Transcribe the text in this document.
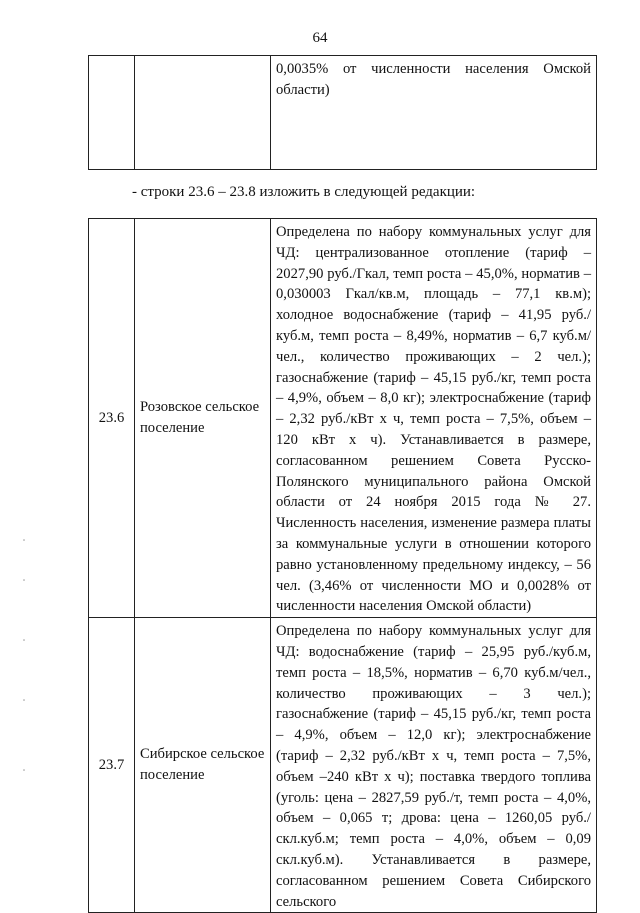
64
		0,0035% от численности населения Омской области)
- строки 23.6 – 23.8 изложить в следующей редакции:
23.6	Розовское сельское поселение	Определена по набору коммунальных услуг для ЧД: централизованное отопление (тариф – 2027,90 руб./Гкал, темп роста – 45,0%, норматив – 0,030003 Гкал/кв.м, площадь – 77,1 кв.м); холодное водоснабжение (тариф – 41,95 руб./куб.м, темп роста – 8,49%, норматив – 6,7 куб.м/чел., количество проживающих – 2 чел.); газоснабжение (тариф – 45,15 руб./кг, темп роста – 4,9%, объем – 8,0 кг); электроснабжение (тариф – 2,32 руб./кВт х ч, темп роста – 7,5%, объем – 120 кВт х ч). Устанавливается в размере, согласованном решением Совета Русско-Полянского муниципального района Омской области от 24 ноября 2015 года № 27. Численность населения, изменение размера платы за коммунальные услуги в отношении которого равно установленному предельному индексу, – 56 чел. (3,46% от численности МО и 0,0028% от численности населения Омской области)
23.7	Сибирское сельское поселение	Определена по набору коммунальных услуг для ЧД: водоснабжение (тариф – 25,95 руб./куб.м, темп роста – 18,5%, норматив – 6,70 куб.м/чел., количество проживающих – 3 чел.); газоснабжение (тариф – 45,15 руб./кг, темп роста – 4,9%, объем – 12,0 кг); электроснабжение (тариф – 2,32 руб./кВт х ч, темп роста – 7,5%, объем –240 кВт х ч); поставка твердого топлива (уголь: цена – 2827,59 руб./т, темп роста – 4,0%, объем – 0,065 т; дрова: цена – 1260,05 руб./скл.куб.м; темп роста – 4,0%, объем – 0,09 скл.куб.м). Устанавливается в размере, согласованном решением Совета Сибирского сельского
